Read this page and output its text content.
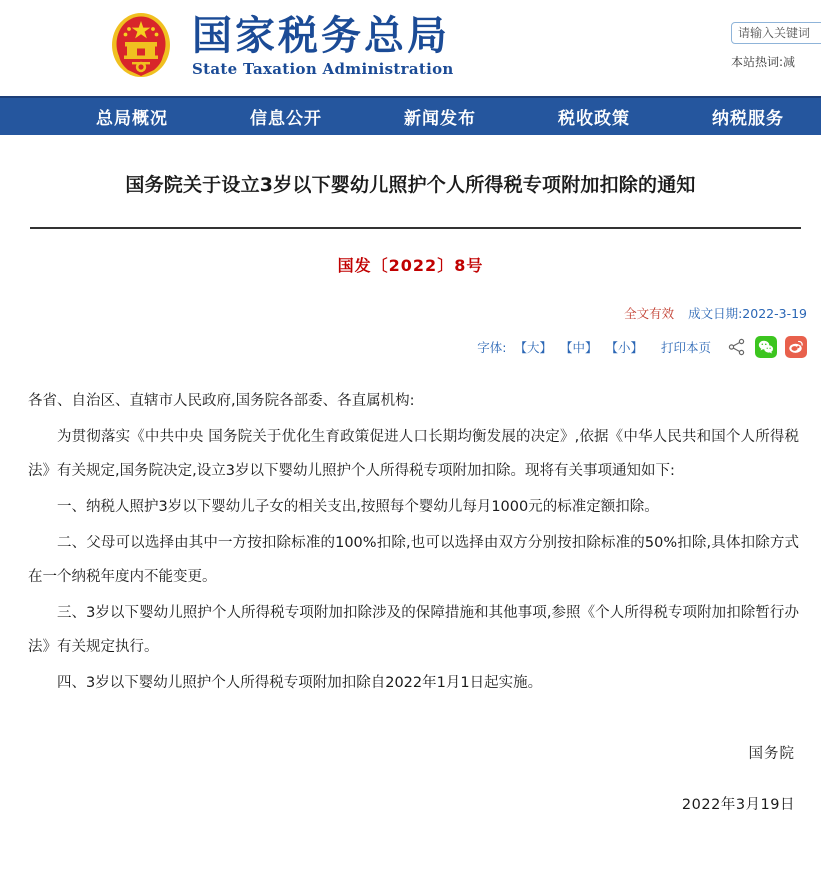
国家税务总局
State Taxation Administration
请输入关键词
本站热词:减
总局概况	信息公开	新闻发布	税收政策	纳税服务
国务院关于设立3岁以下婴幼儿照护个人所得税专项附加扣除的通知
国发〔2022〕8号
全文有效 成文日期:2022-3-19
字体: 【大】 【中】 【小】 打印本页

各省、自治区、直辖市人民政府,国务院各部委、各直属机构:

为贯彻落实《中共中央 国务院关于优化生育政策促进人口长期均衡发展的决定》,依据《中华人民共和国个人所得税法》有关规定,国务院决定,设立3岁以下婴幼儿照护个人所得税专项附加扣除。现将有关事项通知如下:

一、纳税人照护3岁以下婴幼儿子女的相关支出,按照每个婴幼儿每月1000元的标准定额扣除。

二、父母可以选择由其中一方按扣除标准的100%扣除,也可以选择由双方分别按扣除标准的50%扣除,具体扣除方式在一个纳税年度内不能变更。

三、3岁以下婴幼儿照护个人所得税专项附加扣除涉及的保障措施和其他事项,参照《个人所得税专项附加扣除暂行办法》有关规定执行。

四、3岁以下婴幼儿照护个人所得税专项附加扣除自2022年1月1日起实施。

国务院
2022年3月19日
